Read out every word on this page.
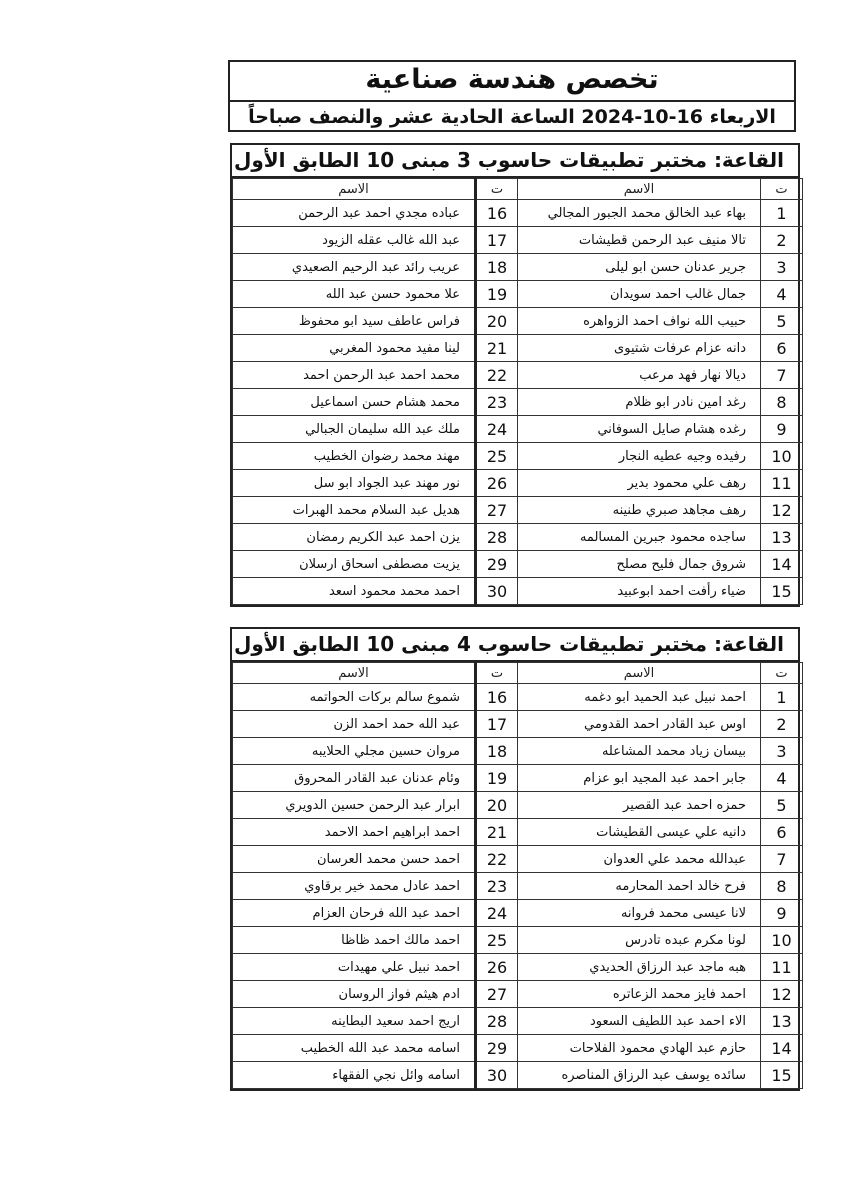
تخصص هندسة صناعية
الاربعاء 16-10-2024 الساعة الحادية عشر والنصف صباحاً
القاعة: مختبر تطبيقات حاسوب 3 مبنى 10 الطابق الأول
ت	الاسم	ت	الاسم
1	بهاء عبد الخالق محمد الجبور المجالي	16	عباده مجدي احمد عبد الرحمن
2	تالا منيف عبد الرحمن قطيشات	17	عبد الله غالب عقله الزيود
3	جرير عدنان حسن ابو ليلى	18	عريب رائد عبد الرحيم الصعيدي
4	جمال غالب احمد سويدان	19	علا محمود حسن عبد الله
5	حبيب الله نواف احمد الزواهره	20	فراس عاطف سيد ابو محفوظ
6	دانه عزام عرفات شتيوى	21	لينا مفيد محمود المغربي
7	ديالا نهار فهد مرعب	22	محمد احمد عبد الرحمن احمد
8	رغد امين نادر ابو ظلام	23	محمد هشام حسن اسماعيل
9	رغده هشام صايل السوفاني	24	ملك عبد الله سليمان الجبالي
10	رفيده وجيه عطيه النجار	25	مهند محمد رضوان الخطيب
11	رهف علي محمود بدير	26	نور مهند عبد الجواد ابو سل
12	رهف مجاهد صبري طنينه	27	هديل عبد السلام محمد الهبرات
13	ساجده محمود جبرين المسالمه	28	يزن احمد عبد الكريم رمضان
14	شروق جمال فليح مصلح	29	يزيت مصطفى اسحاق ارسلان
15	ضياء رأفت احمد ابوعبيد	30	احمد محمد محمود اسعد
القاعة: مختبر تطبيقات حاسوب 4 مبنى 10 الطابق الأول
ت	الاسم	ت	الاسم
1	احمد نبيل عبد الحميد ابو دغمه	16	شموع سالم بركات الحواتمه
2	اوس عبد القادر احمد القدومي	17	عبد الله حمد احمد الزن
3	بيسان زياد محمد المشاعله	18	مروان حسين مجلي الحلايبه
4	جابر احمد عبد المجيد ابو عزام	19	وئام عدنان عبد القادر المحروق
5	حمزه احمد عبد القصير	20	ابرار عبد الرحمن حسين الدويري
6	دانيه علي عيسى القطيشات	21	احمد ابراهيم احمد الاحمد
7	عبدالله محمد علي العدوان	22	احمد حسن محمد العرسان
8	فرح خالد احمد المحارمه	23	احمد عادل محمد خير برقاوي
9	لانا عيسى محمد فروانه	24	احمد عبد الله فرحان العزام
10	لونا مكرم عبده تادرس	25	احمد مالك احمد ظاظا
11	هبه ماجد عبد الرزاق الحديدي	26	احمد نبيل علي مهيدات
12	احمد فايز محمد الزعاتره	27	ادم هيثم فواز الروسان
13	الاء احمد عبد اللطيف السعود	28	اريج احمد سعيد البطاينه
14	حازم عبد الهادي محمود الفلاحات	29	اسامه محمد عبد الله الخطيب
15	سائده يوسف عبد الرزاق المناصره	30	اسامه وائل نجي الفقهاء
